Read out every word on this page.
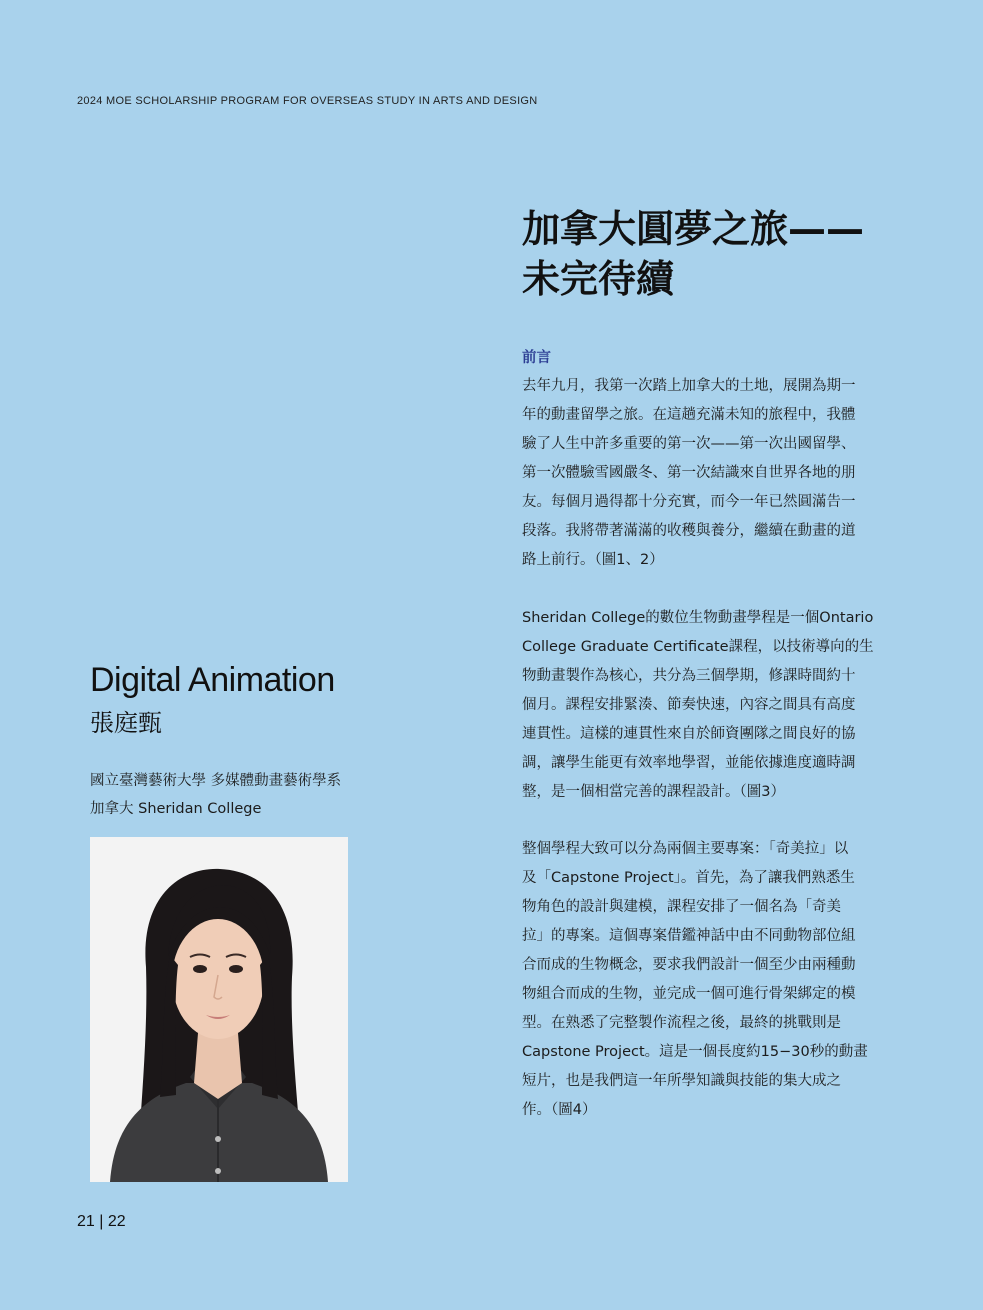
2024 MOE SCHOLARSHIP PROGRAM FOR OVERSEAS STUDY IN ARTS AND DESIGN
加拿大圓夢之旅——
未完待續
前言
去年九月，我第一次踏上加拿大的土地，展開為期一
年的動畫留學之旅。在這趟充滿未知的旅程中，我體
驗了人生中許多重要的第一次——第一次出國留學、
第一次體驗雪國嚴冬、第一次結識來自世界各地的朋
友。每個月過得都十分充實，而今一年已然圓滿告一
段落。我將帶著滿滿的收穫與養分，繼續在動畫的道
路上前行。（圖1、2）
Sheridan College的數位生物動畫學程是一個Ontario
College Graduate Certificate課程，以技術導向的生
物動畫製作為核心，共分為三個學期，修課時間約十
個月。課程安排緊湊、節奏快速，內容之間具有高度
連貫性。這樣的連貫性來自於師資團隊之間良好的協
調，讓學生能更有效率地學習，並能依據進度適時調
整，是一個相當完善的課程設計。（圖3）
整個學程大致可以分為兩個主要專案：「奇美拉」以
及「Capstone Project」。首先，為了讓我們熟悉生
物角色的設計與建模，課程安排了一個名為「奇美
拉」的專案。這個專案借鑑神話中由不同動物部位組
合而成的生物概念，要求我們設計一個至少由兩種動
物組合而成的生物，並完成一個可進行骨架綁定的模
型。在熟悉了完整製作流程之後，最終的挑戰則是
Capstone Project。這是一個長度約15−30秒的動畫
短片，也是我們這一年所學知識與技能的集大成之
作。（圖4）
Digital Animation
張庭甄
國立臺灣藝術大學 多媒體動畫藝術學系
加拿大 Sheridan College
21 | 22
